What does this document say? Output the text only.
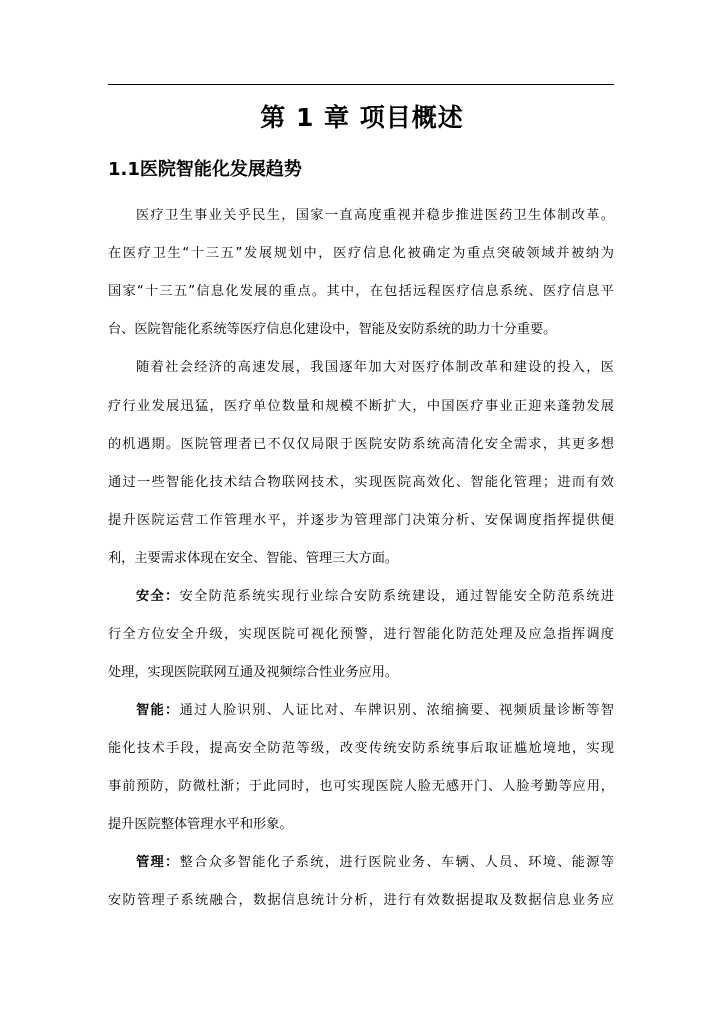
第 1 章 项目概述
1.1医院智能化发展趋势
医疗卫生事业关乎民生，国家一直高度重视并稳步推进医药卫生体制改革。
在医疗卫生“十三五”发展规划中，医疗信息化被确定为重点突破领域并被纳为
国家“十三五”信息化发展的重点。其中，在包括远程医疗信息系统、医疗信息平
台、医院智能化系统等医疗信息化建设中，智能及安防系统的助力十分重要。
随着社会经济的高速发展，我国逐年加大对医疗体制改革和建设的投入，医
疗行业发展迅猛，医疗单位数量和规模不断扩大，中国医疗事业正迎来蓬勃发展
的机遇期。医院管理者已不仅仅局限于医院安防系统高清化安全需求，其更多想
通过一些智能化技术结合物联网技术，实现医院高效化、智能化管理；进而有效
提升医院运营工作管理水平，并逐步为管理部门决策分析、安保调度指挥提供便
利，主要需求体现在安全、智能、管理三大方面。
安全：安全防范系统实现行业综合安防系统建设，通过智能安全防范系统进
行全方位安全升级，实现医院可视化预警，进行智能化防范处理及应急指挥调度
处理，实现医院联网互通及视频综合性业务应用。
智能：通过人脸识别、人证比对、车牌识别、浓缩摘要、视频质量诊断等智
能化技术手段，提高安全防范等级，改变传统安防系统事后取证尴尬境地，实现
事前预防，防微杜渐；于此同时，也可实现医院人脸无感开门、人脸考勤等应用，
提升医院整体管理水平和形象。
管理：整合众多智能化子系统，进行医院业务、车辆、人员、环境、能源等
安防管理子系统融合，数据信息统计分析，进行有效数据提取及数据信息业务应
